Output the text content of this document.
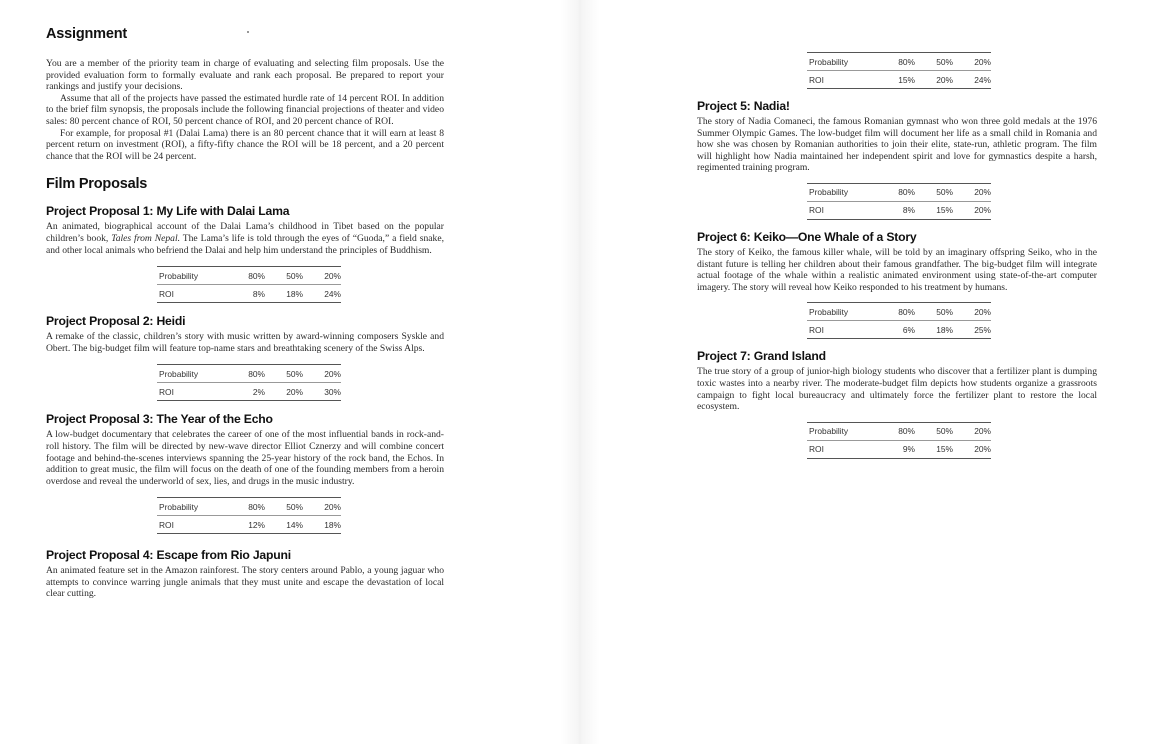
Assignment

You are a member of the priority team in charge of evaluating and selecting film proposals. Use the provided evaluation form to formally evaluate and rank each proposal. Be prepared to report your rankings and justify your decisions.

Assume that all of the projects have passed the estimated hurdle rate of 14 percent ROI. In addition to the brief film synopsis, the proposals include the following financial projections of theater and video sales: 80 percent chance of ROI, 50 percent chance of ROI, and 20 percent chance of ROI.

For example, for proposal #1 (Dalai Lama) there is an 80 percent chance that it will earn at least 8 percent return on investment (ROI), a fifty-fifty chance the ROI will be 18 percent, and a 20 percent chance that the ROI will be 24 percent.

Film Proposals
Project Proposal 1: My Life with Dalai Lama

An animated, biographical account of the Dalai Lama’s childhood in Tibet based on the popular children’s book, Tales from Nepal. The Lama’s life is told through the eyes of “Guoda,” a field snake, and other local animals who befriend the Dalai and help him understand the principles of Buddhism.

Probability	80%	50%	20%
ROI	8%	18%	24%
Project Proposal 2: Heidi

A remake of the classic, children’s story with music written by award-winning composers Syskle and Obert. The big-budget film will feature top-name stars and breathtaking scenery of the Swiss Alps.

Probability	80%	50%	20%
ROI	2%	20%	30%
Project Proposal 3: The Year of the Echo

A low-budget documentary that celebrates the career of one of the most influential bands in rock-and-roll history. The film will be directed by new-wave director Elliot Cznerzy and will combine concert footage and behind-the-scenes interviews spanning the 25-year history of the rock band, the Echos. In addition to great music, the film will focus on the death of one of the founding members from a heroin overdose and reveal the underworld of sex, lies, and drugs in the music industry.

Probability	80%	50%	20%
ROI	12%	14%	18%
Project Proposal 4: Escape from Rio Japuni

An animated feature set in the Amazon rainforest. The story centers around Pablo, a young jaguar who attempts to convince warring jungle animals that they must unite and escape the devastation of local clear cutting.

Probability	80%	50%	20%
ROI	15%	20%	24%
Project 5: Nadia!

The story of Nadia Comaneci, the famous Romanian gymnast who won three gold medals at the 1976 Summer Olympic Games. The low-budget film will document her life as a small child in Romania and how she was chosen by Romanian authorities to join their elite, state-run, athletic program. The film will highlight how Nadia maintained her independent spirit and love for gymnastics despite a harsh, regimented training program.

Probability	80%	50%	20%
ROI	8%	15%	20%
Project 6: Keiko—One Whale of a Story

The story of Keiko, the famous killer whale, will be told by an imaginary offspring Seiko, who in the distant future is telling her children about their famous grandfather. The big-budget film will integrate actual footage of the whale within a realistic animated environment using state-of-the-art computer imagery. The story will reveal how Keiko responded to his treatment by humans.

Probability	80%	50%	20%
ROI	6%	18%	25%
Project 7: Grand Island

The true story of a group of junior-high biology students who discover that a fertilizer plant is dumping toxic wastes into a nearby river. The moderate-budget film depicts how students organize a grassroots campaign to fight local bureaucracy and ultimately force the fertilizer plant to restore the local ecosystem.

Probability	80%	50%	20%
ROI	9%	15%	20%
